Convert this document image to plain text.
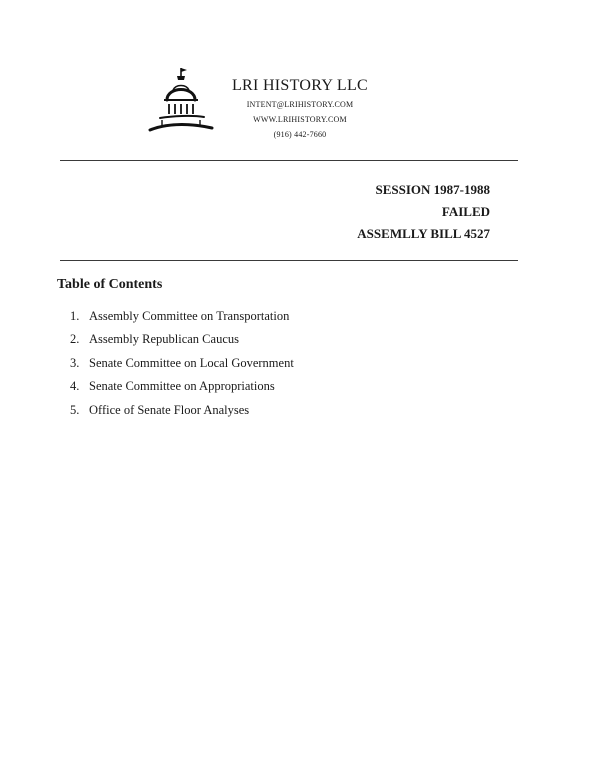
LRI HISTORY LLC
INTENT@LRIHISTORY.COM
WWW.LRIHISTORY.COM
(916) 442-7660
SESSION 1987-1988
FAILED
ASSEMLLY BILL 4527
Table of Contents
1. Assembly Committee on Transportation
2. Assembly Republican Caucus
3. Senate Committee on Local Government
4. Senate Committee on Appropriations
5. Office of Senate Floor Analyses
